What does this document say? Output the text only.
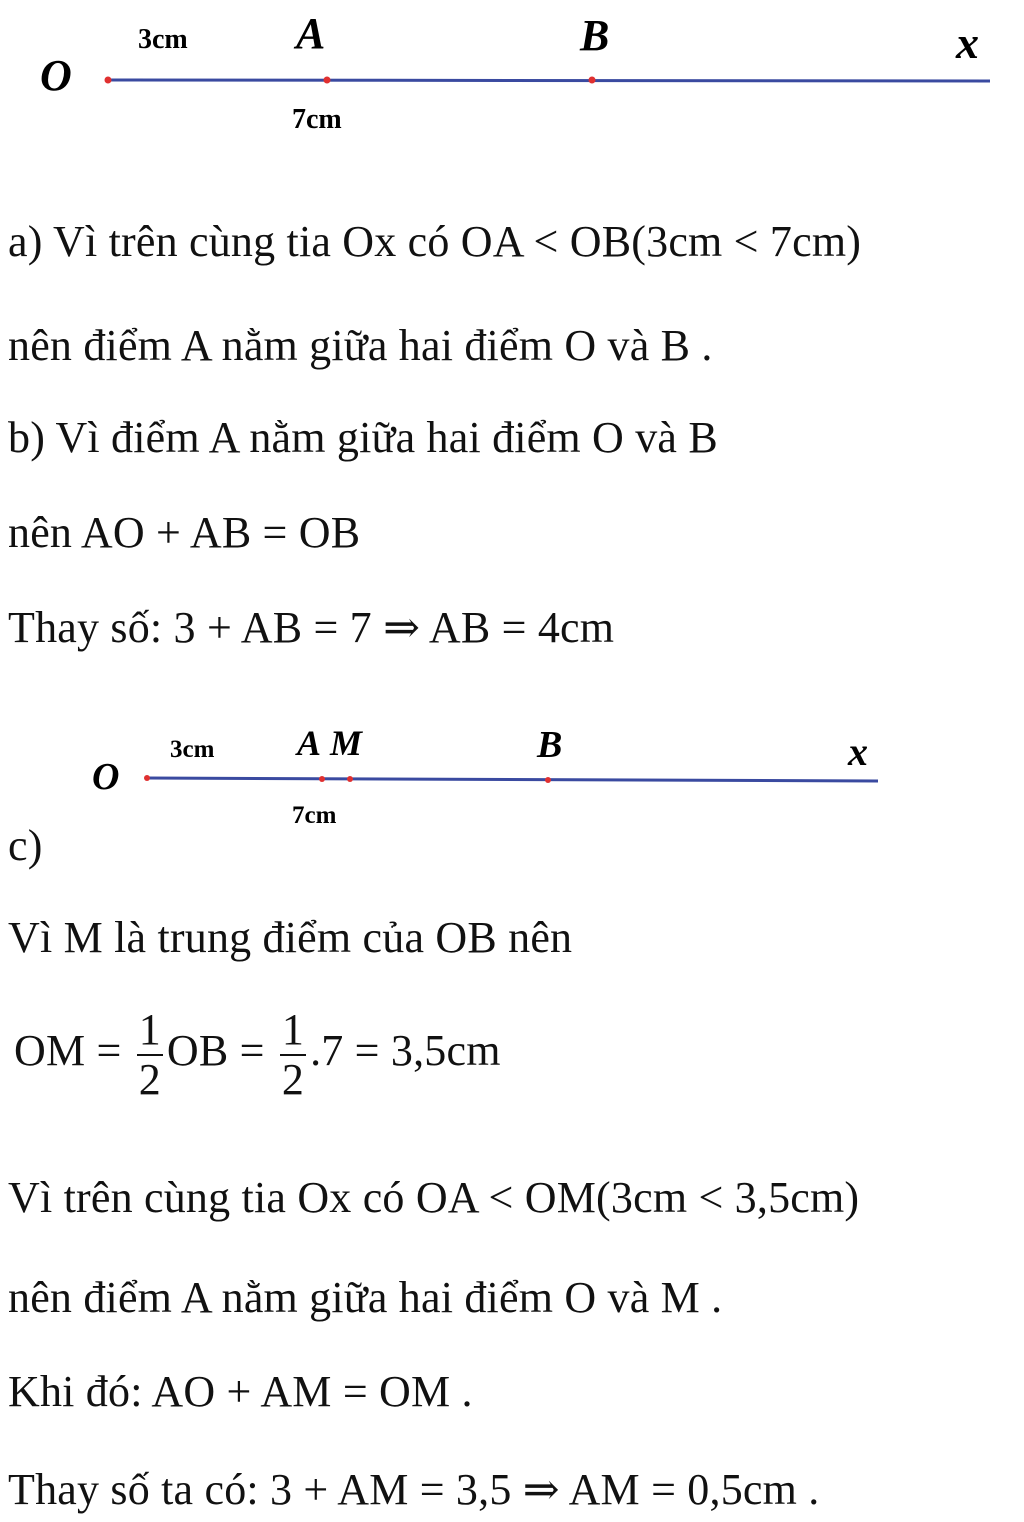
O
A	B	x
3cm
7cm
a) Vì trên cùng tia Ox có OA < OB(3cm < 7cm)
nên điểm A nằm giữa hai điểm O và B .
b) Vì điểm A nằm giữa hai điểm O và B
nên AO + AB = OB
Thay số: 3 + AB = 7 ⇒ AB = 4cm
O
A M	B	x
3cm
7cm
c)
Vì M là trung điểm của OB nên
OM = $\frac{1}{2}$ OB = $\frac{1}{2} .7 = 3,5cm$
Vì trên cùng tia Ox có OA < OM(3cm < 3,5cm)
nên điểm A nằm giữa hai điểm O và M .
Khi đó: AO + AM = OM .
Thay số ta có: 3 + AM = 3,5 ⇒ AM = 0,5cm .
